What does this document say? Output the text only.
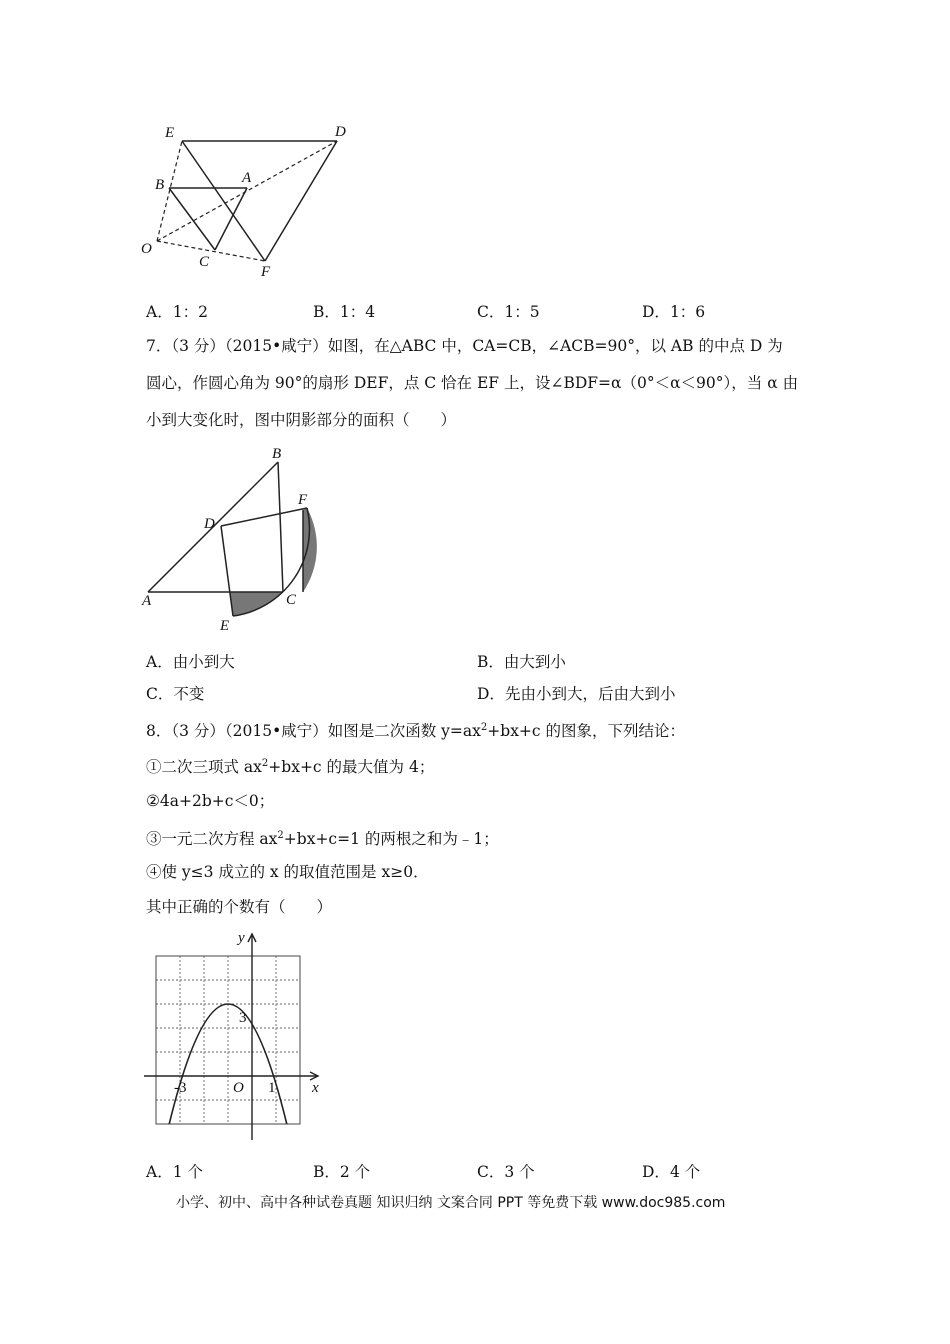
E	D
B	A
O
C
F
A．1：2	B．1：4	C．1：5	D．1：6
7．（3 分）（2015•咸宁）如图，在△ABC 中，CA=CB，∠ACB=90°，以 AB 的中点 D 为
圆心，作圆心角为 90°的扇形 DEF，点 C 恰在 EF 上，设∠BDF=α（0°＜α＜90°），当 α 由
小到大变化时，图中阴影部分的面积（　　）
B
F
D
A	C
E
A．由小到大	B．由大到小
C．不变	D．先由小到大，后由大到小
8．（3 分）（2015•咸宁）如图是二次函数 $y=ax^2+bx+c$ 的图象，下列结论：
①二次三项式 $ax^2+bx+c$ 的最大值为 4；
②4a+2b+c＜0；
③一元二次方程 $ax^2+bx+c=1$ 的两根之和为﹣1；
④使 y≤3 成立的 x 的取值范围是 x≥0．
其中正确的个数有（　　）
y
x
3
-3	O 1
A．1 个	B．2 个	C．3 个	D．4 个
小学、初中、高中各种试卷真题 知识归纳 文案合同 PPT 等免费下载 www.doc985.com
